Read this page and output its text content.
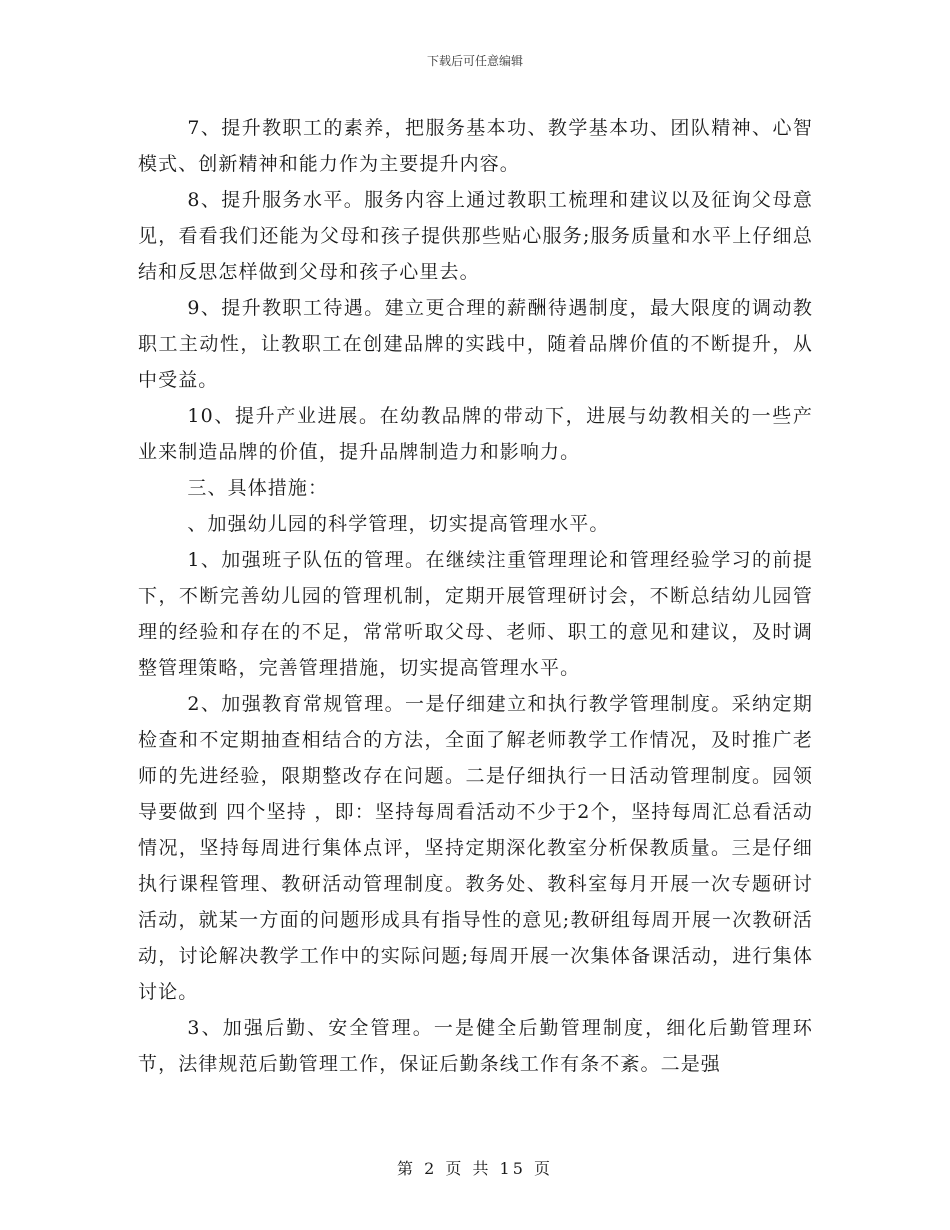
下载后可任意编辑

7、提升教职工的素养，把服务基本功、教学基本功、团队精神、心智模式、创新精神和能力作为主要提升内容。

8、提升服务水平。服务内容上通过教职工梳理和建议以及征询父母意见，看看我们还能为父母和孩子提供那些贴心服务;服务质量和水平上仔细总结和反思怎样做到父母和孩子心里去。

9、提升教职工待遇。建立更合理的薪酬待遇制度，最大限度的调动教职工主动性，让教职工在创建品牌的实践中，随着品牌价值的不断提升，从中受益。

10、提升产业进展。在幼教品牌的带动下，进展与幼教相关的一些产业来制造品牌的价值，提升品牌制造力和影响力。

三、具体措施：

、加强幼儿园的科学管理，切实提高管理水平。

1、加强班子队伍的管理。在继续注重管理理论和管理经验学习的前提下，不断完善幼儿园的管理机制，定期开展管理研讨会，不断总结幼儿园管理的经验和存在的不足，常常听取父母、老师、职工的意见和建议，及时调整管理策略，完善管理措施，切实提高管理水平。

2、加强教育常规管理。一是仔细建立和执行教学管理制度。采纳定期检查和不定期抽查相结合的方法，全面了解老师教学工作情况，及时推广老师的先进经验，限期整改存在问题。二是仔细执行一日活动管理制度。园领导要做到 四个坚持 ，即：坚持每周看活动不少于2个，坚持每周汇总看活动情况，坚持每周进行集体点评，坚持定期深化教室分析保教质量。三是仔细执行课程管理、教研活动管理制度。教务处、教科室每月开展一次专题研讨活动，就某一方面的问题形成具有指导性的意见;教研组每周开展一次教研活动，讨论解决教学工作中的实际问题;每周开展一次集体备课活动，进行集体讨论。

3、加强后勤、安全管理。一是健全后勤管理制度，细化后勤管理环节，法律规范后勤管理工作，保证后勤条线工作有条不紊。二是强

第 2 页 共 15 页
